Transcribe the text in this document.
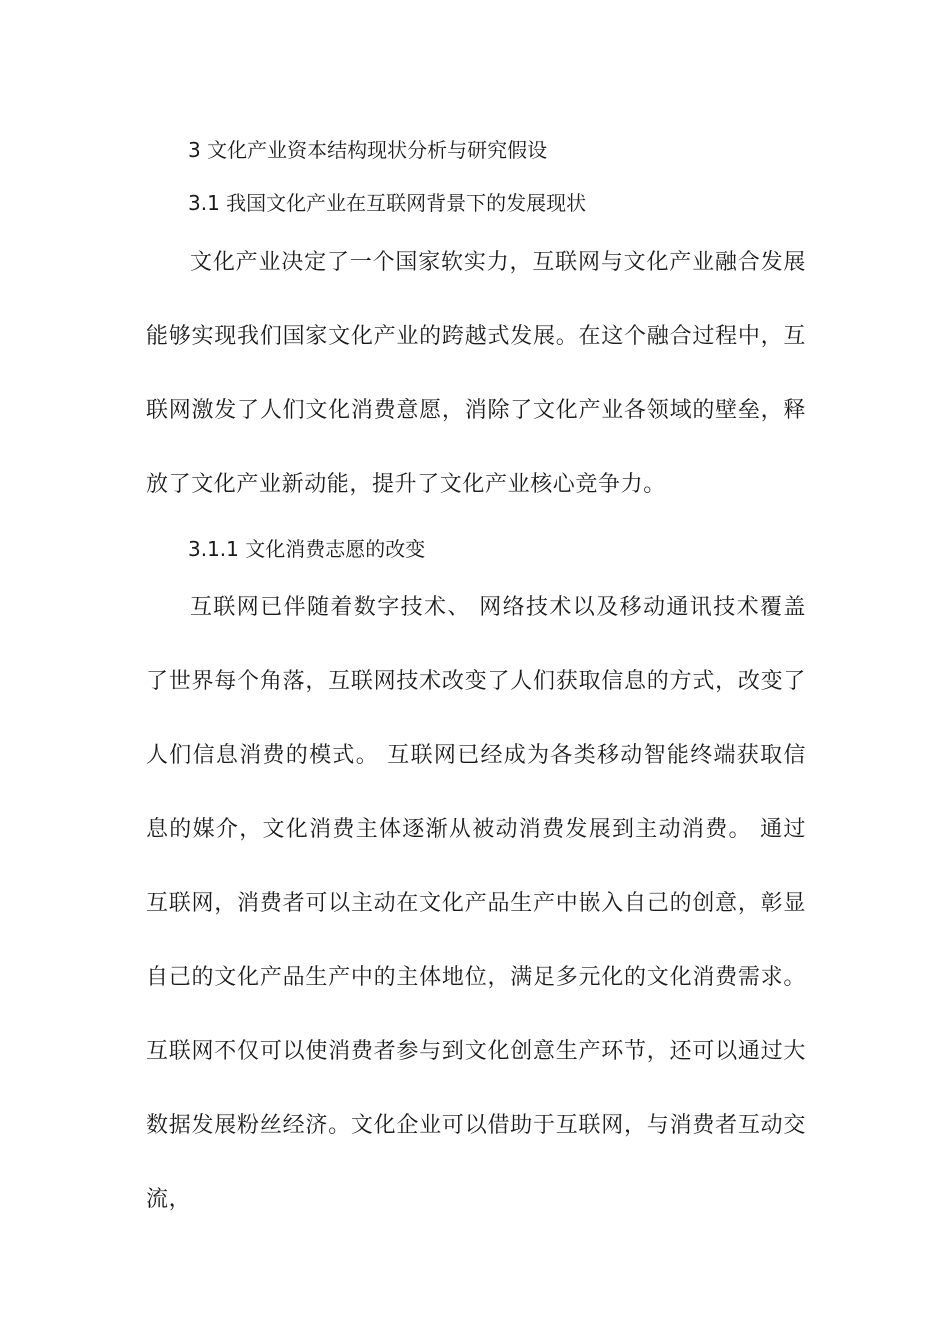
3 文化产业资本结构现状分析与研究假设
3.1 我国文化产业在互联网背景下的发展现状

文化产业决定了一个国家软实力，互联网与文化产业融合发展能够实现我们国家文化产业的跨越式发展。在这个融合过程中，互联网激发了人们文化消费意愿，消除了文化产业各领域的壁垒，释放了文化产业新动能，提升了文化产业核心竞争力。

3.1.1 文化消费志愿的改变

互联网已伴随着数字技术、 网络技术以及移动通讯技术覆盖了世界每个角落，互联网技术改变了人们获取信息的方式，改变了人们信息消费的模式。 互联网已经成为各类移动智能终端获取信息的媒介，文化消费主体逐渐从被动消费发展到主动消费。 通过互联网，消费者可以主动在文化产品生产中嵌入自己的创意，彰显自己的文化产品生产中的主体地位，满足多元化的文化消费需求。互联网不仅可以使消费者参与到文化创意生产环节，还可以通过大数据发展粉丝经济。文化企业可以借助于互联网，与消费者互动交流，
